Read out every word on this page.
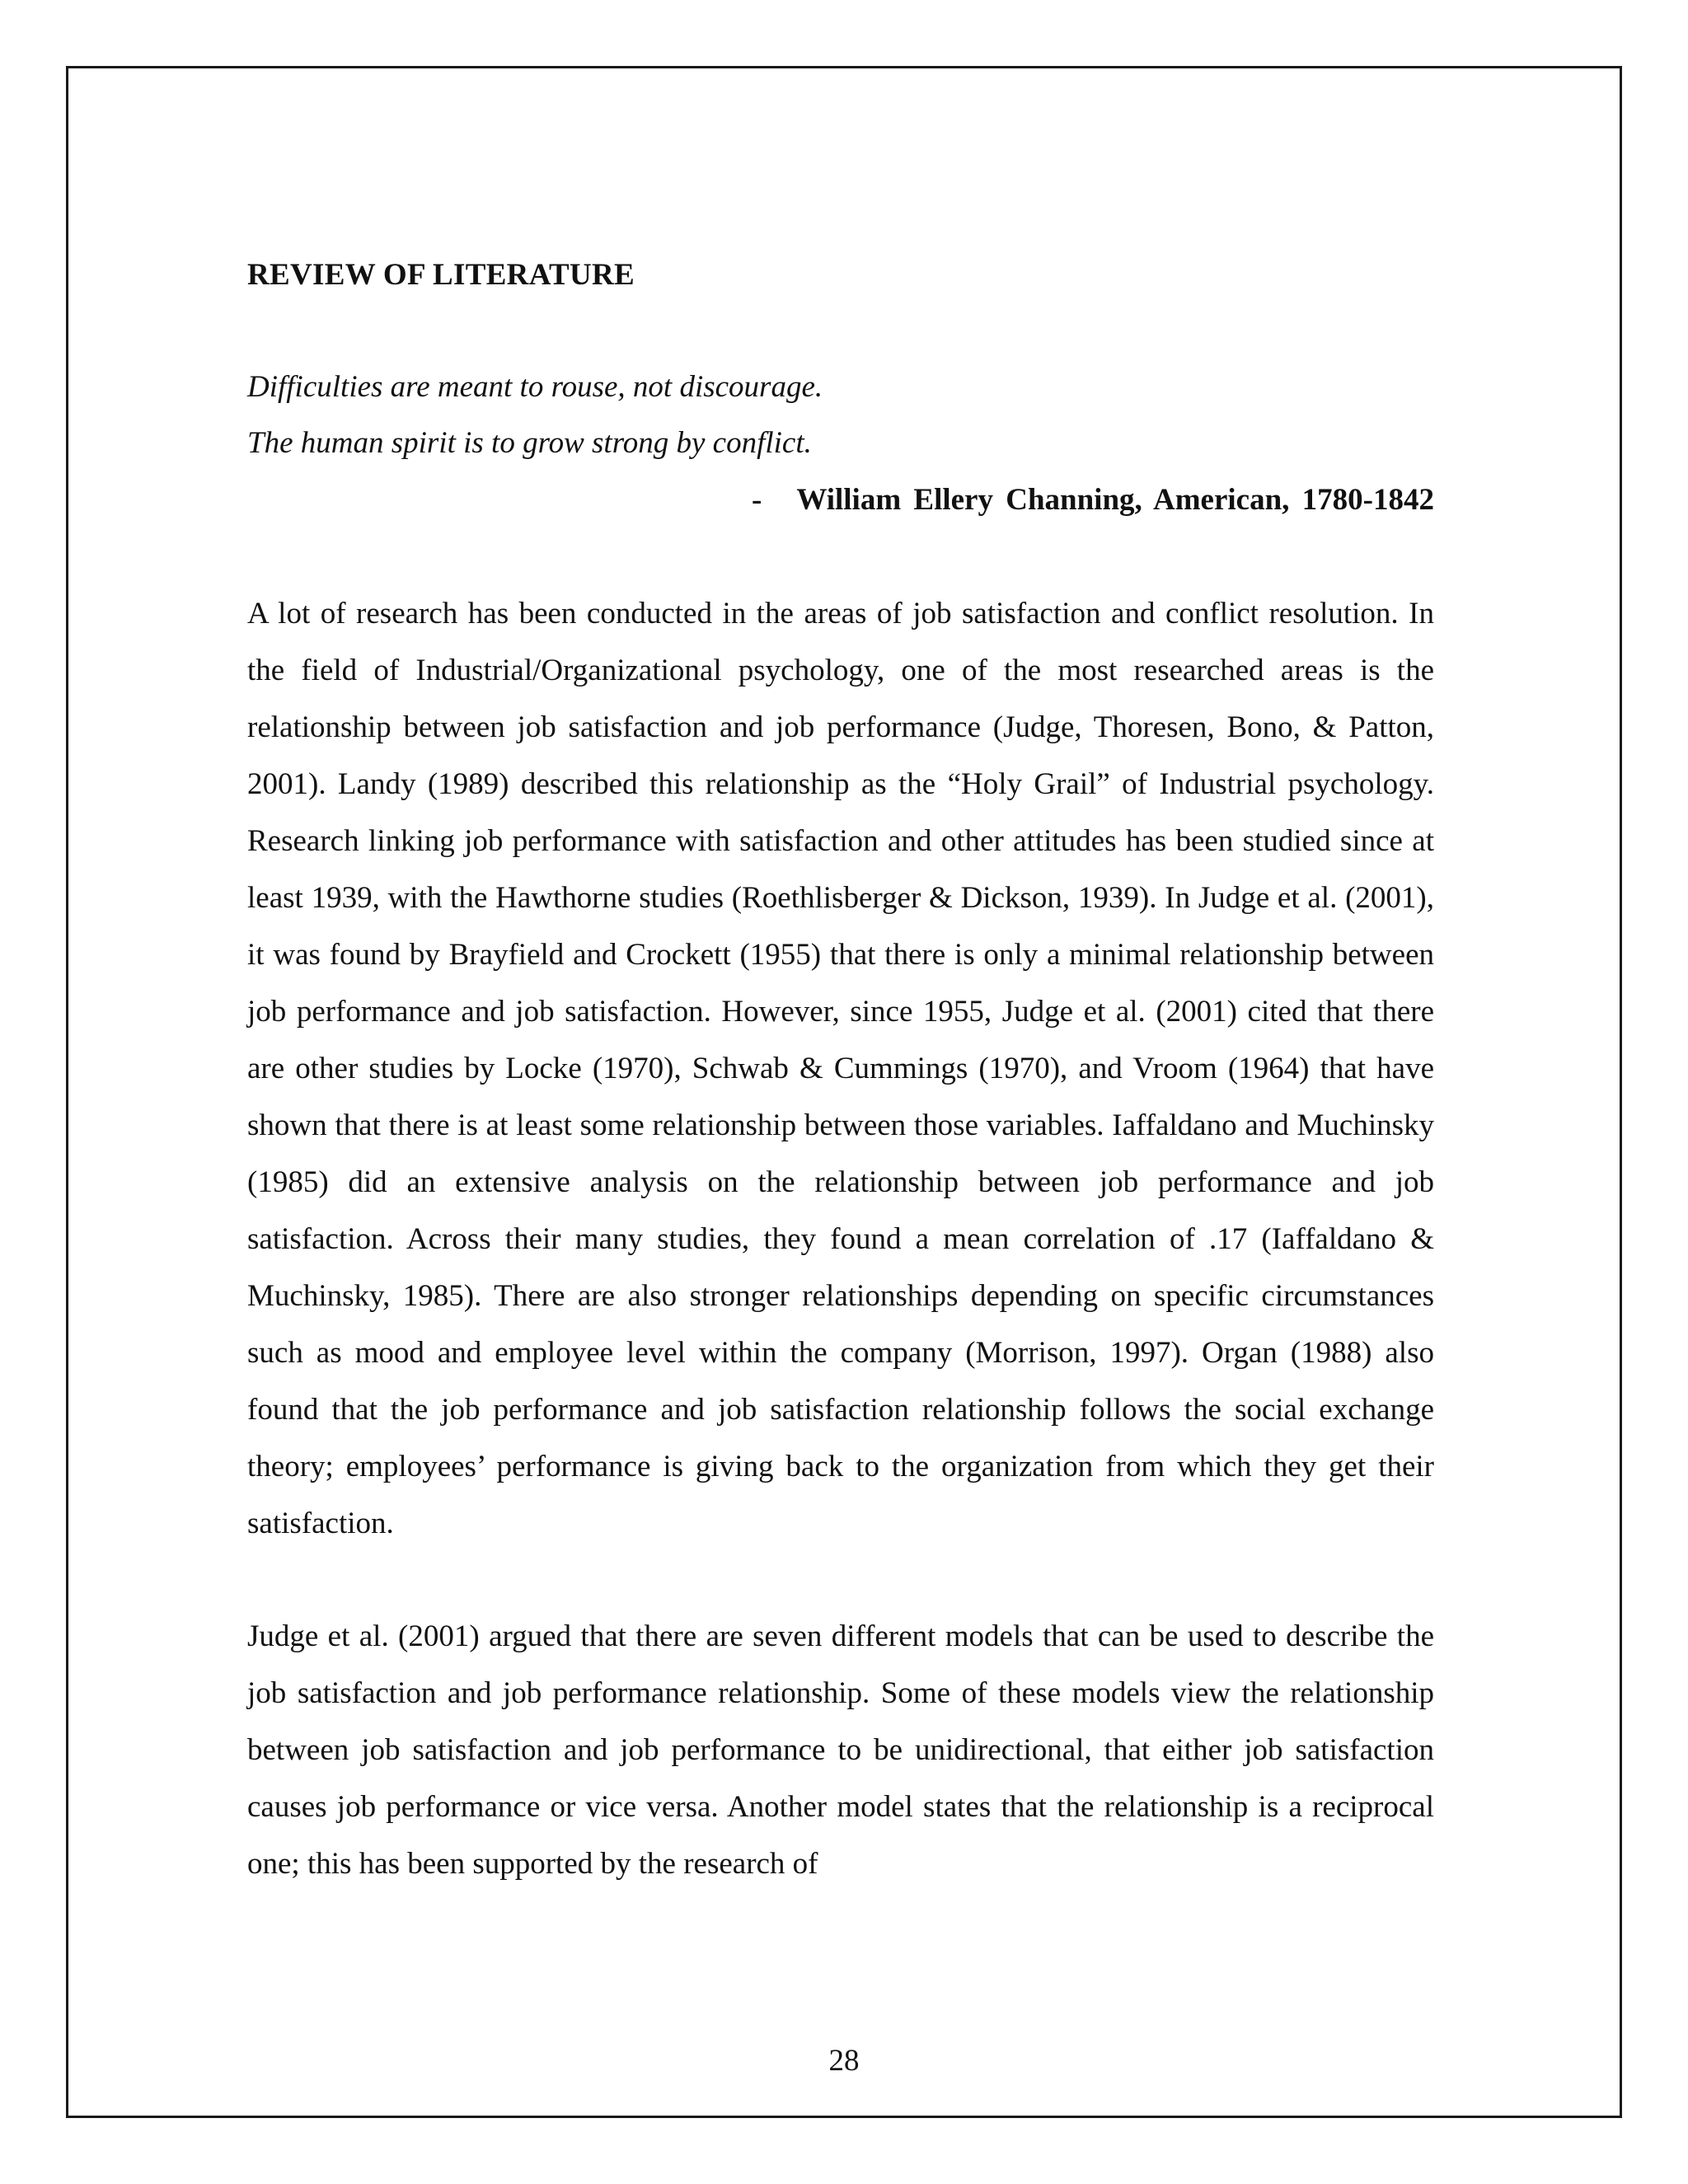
REVIEW OF LITERATURE

Difficulties are meant to rouse, not discourage.

The human spirit is to grow strong by conflict.

- William Ellery Channing, American, 1780-1842

A lot of research has been conducted in the areas of job satisfaction and conflict resolution. In the field of Industrial/Organizational psychology, one of the most researched areas is the relationship between job satisfaction and job performance (Judge, Thoresen, Bono, & Patton, 2001). Landy (1989) described this relationship as the “Holy Grail” of Industrial psychology. Research linking job performance with satisfaction and other attitudes has been studied since at least 1939, with the Hawthorne studies (Roethlisberger & Dickson, 1939). In Judge et al. (2001), it was found by Brayfield and Crockett (1955) that there is only a minimal relationship between job performance and job satisfaction. However, since 1955, Judge et al. (2001) cited that there are other studies by Locke (1970), Schwab & Cummings (1970), and Vroom (1964) that have shown that there is at least some relationship between those variables. Iaffaldano and Muchinsky (1985) did an extensive analysis on the relationship between job performance and job satisfaction. Across their many studies, they found a mean correlation of .17 (Iaffaldano & Muchinsky, 1985). There are also stronger relationships depending on specific circumstances such as mood and employee level within the company (Morrison, 1997). Organ (1988) also found that the job performance and job satisfaction relationship follows the social exchange theory; employees’ performance is giving back to the organization from which they get their satisfaction.

Judge et al. (2001) argued that there are seven different models that can be used to describe the job satisfaction and job performance relationship. Some of these models view the relationship between job satisfaction and job performance to be unidirectional, that either job satisfaction causes job performance or vice versa. Another model states that the relationship is a reciprocal one; this has been supported by the research of

28
